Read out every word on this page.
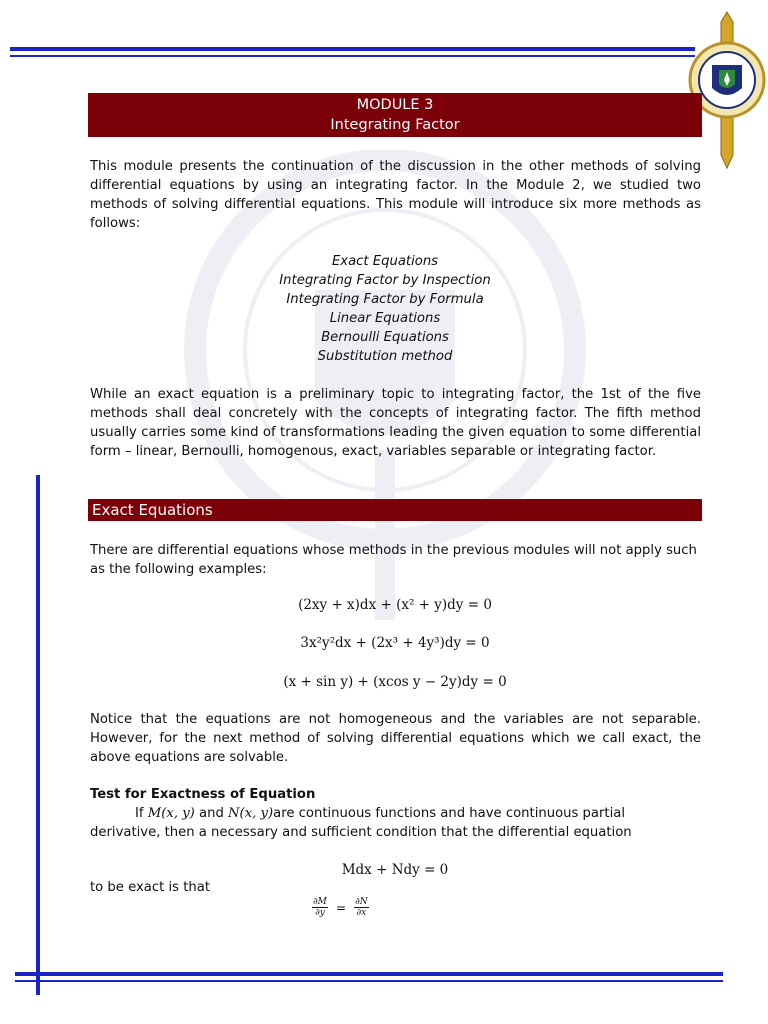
MODULE 3
Integrating Factor

This module presents the continuation of the discussion in the other methods of solving differential equations by using an integrating factor. In the Module 2, we studied two methods of solving differential equations. This module will introduce six more methods as follows:

Exact Equations
Integrating Factor by Inspection
Integrating Factor by Formula
Linear Equations
Bernoulli Equations
Substitution method

While an exact equation is a preliminary topic to integrating factor, the 1st of the five methods shall deal concretely with the concepts of integrating factor. The fifth method usually carries some kind of transformations leading the given equation to some differential form – linear, Bernoulli, homogenous, exact, variables separable or integrating factor.

Exact Equations

There are differential equations whose methods in the previous modules will not apply such as the following examples:

(2xy + x)dx + (x² + y)dy = 0
3x²y²dx + (2x³ + 4y³)dy = 0
(x + sin y) + (xcos y − 2y)dy = 0

Notice that the equations are not homogeneous and the variables are not separable. However, for the next method of solving differential equations which we call exact, the above equations are solvable.

Test for Exactness of Equation
If M(x, y) and N(x, y)are continuous functions and have continuous partial
derivative, then a necessary and sufficient condition that the differential equation
Mdx + Ndy = 0
to be exact is that
$\frac{\partial M}{\partial y} = \frac{\partial N}{\partial x}$
